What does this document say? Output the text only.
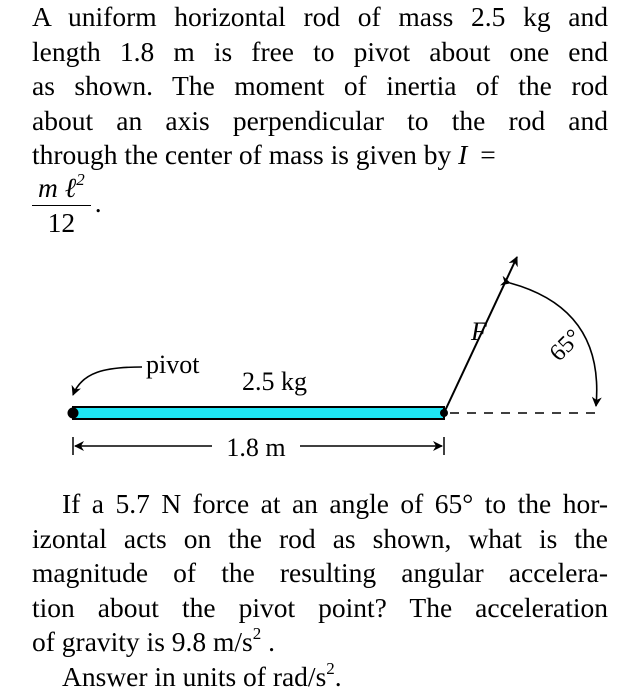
A uniform horizontal rod of mass 2.5 kg and
length 1.8 m is free to pivot about one end
as shown. The moment of inertia of the rod
about an axis perpendicular to the rod and
through the center of mass is given by I =
$\frac{m \ell^2}{12}$ .
pivot
2.5 kg
F 65°
1.8 m
If a 5.7 N force at an angle of 65° to the hor-
izontal acts on the rod as shown, what is the
magnitude of the resulting angular accelera-
tion about the pivot point? The acceleration
of gravity is 9.8 $m/s^2$ .
Answer in units of rad/$s^2$.
